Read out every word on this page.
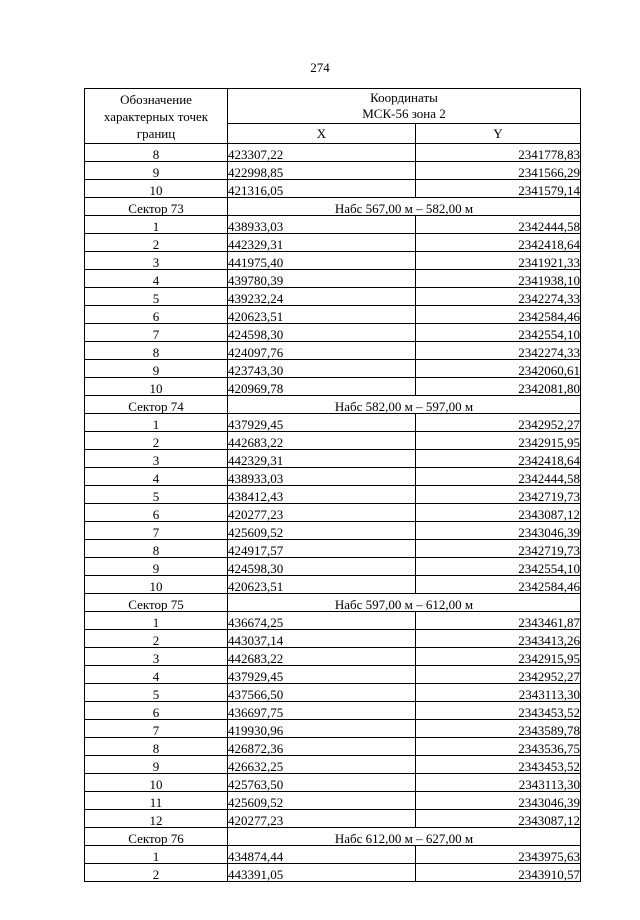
274
Обозначение характерных точек границ	Координаты
МСК-56 зона 2	

	X	Y
8	423307,22	2341778,83
9	422998,85	2341566,29
10	421316,05	2341579,14
Сектор 73	Набс 567,00 м – 582,00 м	
1	438933,03	2342444,58
2	442329,31	2342418,64
3	441975,40	2341921,33
4	439780,39	2341938,10
5	439232,24	2342274,33
6	420623,51	2342584,46
7	424598,30	2342554,10
8	424097,76	2342274,33
9	423743,30	2342060,61
10	420969,78	2342081,80
Сектор 74	Набс 582,00 м – 597,00 м	
1	437929,45	2342952,27
2	442683,22	2342915,95
3	442329,31	2342418,64
4	438933,03	2342444,58
5	438412,43	2342719,73
6	420277,23	2343087,12
7	425609,52	2343046,39
8	424917,57	2342719,73
9	424598,30	2342554,10
10	420623,51	2342584,46
Сектор 75	Набс 597,00 м – 612,00 м	
1	436674,25	2343461,87
2	443037,14	2343413,26
3	442683,22	2342915,95
4	437929,45	2342952,27
5	437566,50	2343113,30
6	436697,75	2343453,52
7	419930,96	2343589,78
8	426872,36	2343536,75
9	426632,25	2343453,52
10	425763,50	2343113,30
11	425609,52	2343046,39
12	420277,23	2343087,12
Сектор 76	Набс 612,00 м – 627,00 м	
1	434874,44	2343975,63
2	443391,05	2343910,57
